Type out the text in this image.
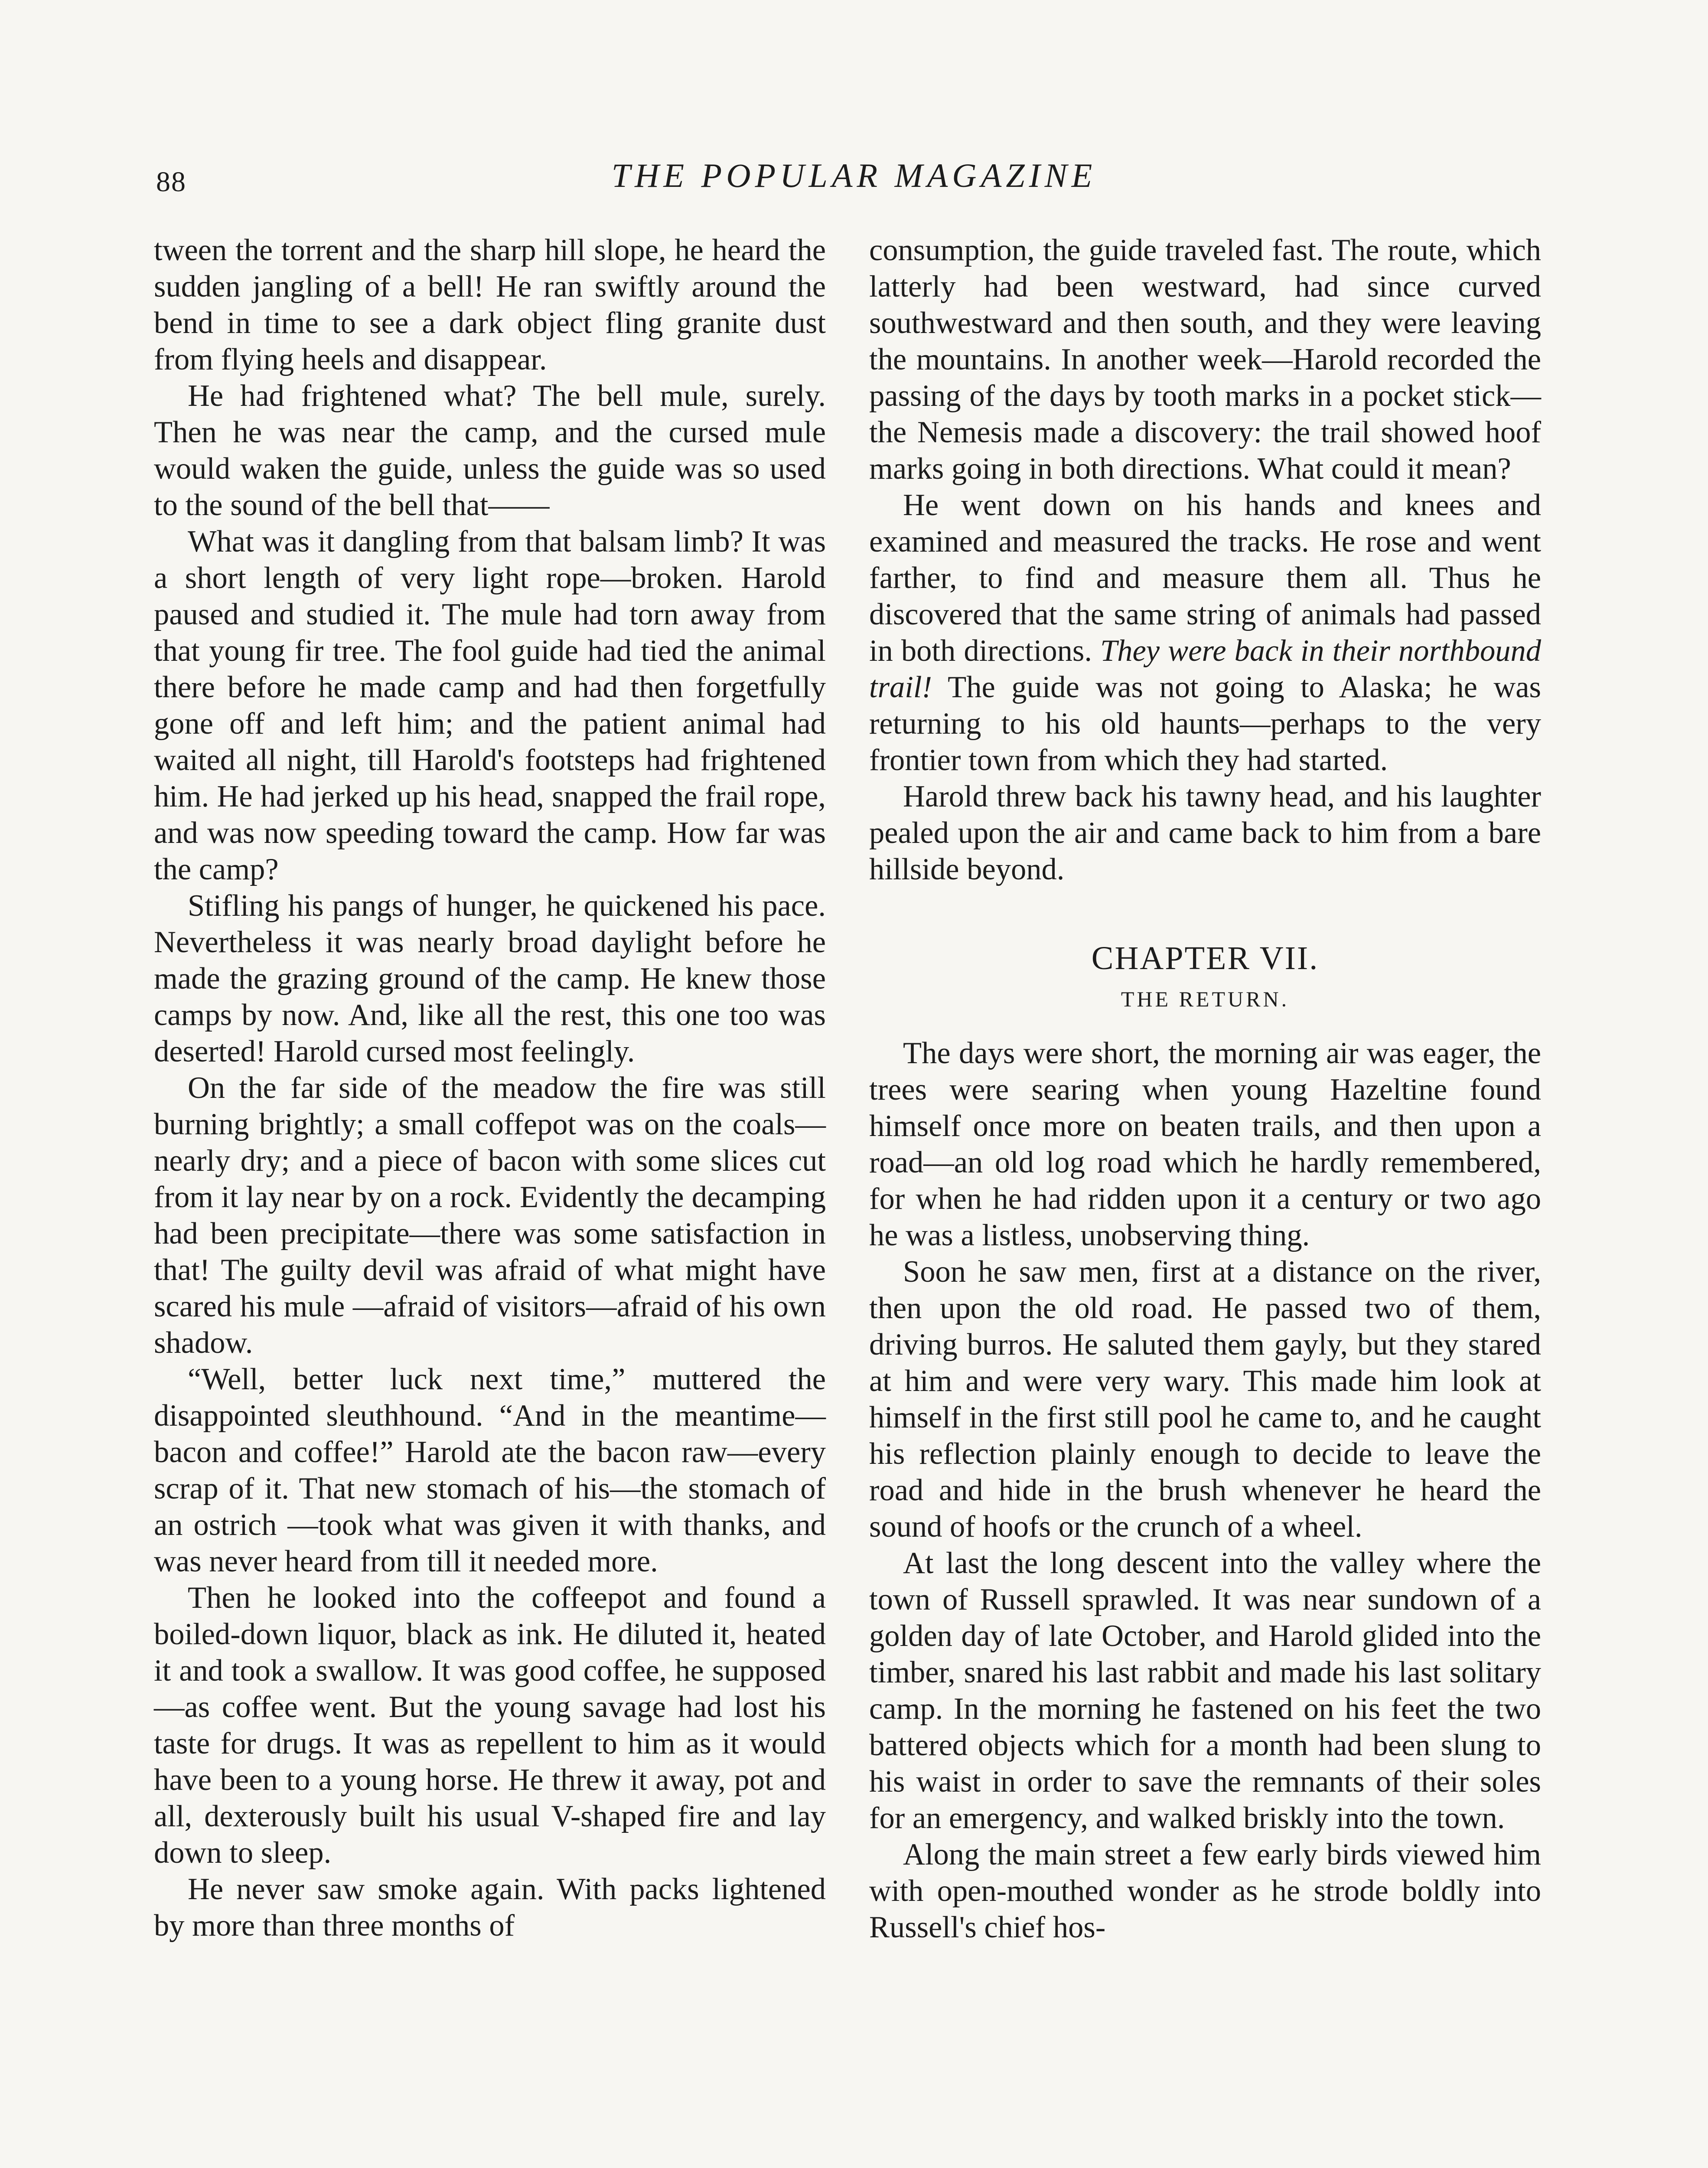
88	THE POPULAR MAGAZINE

tween the torrent and the sharp hill slope, he heard the sudden jangling of a bell! He ran swiftly around the bend in time to see a dark object fling granite dust from flying heels and disappear.

He had frightened what? The bell mule, surely. Then he was near the camp, and the cursed mule would waken the guide, unless the guide was so used to the sound of the bell that——

What was it dangling from that balsam limb? It was a short length of very light rope—broken. Harold paused and studied it. The mule had torn away from that young fir tree. The fool guide had tied the animal there before he made camp and had then forgetfully gone off and left him; and the patient animal had waited all night, till Harold's footsteps had frightened him. He had jerked up his head, snapped the frail rope, and was now speeding toward the camp. How far was the camp?

Stifling his pangs of hunger, he quickened his pace. Nevertheless it was nearly broad daylight before he made the grazing ground of the camp. He knew those camps by now. And, like all the rest, this one too was deserted! Harold cursed most feelingly.

On the far side of the meadow the fire was still burning brightly; a small coffepot was on the coals—nearly dry; and a piece of bacon with some slices cut from it lay near by on a rock. Evidently the decamping had been precipitate—there was some satisfaction in that! The guilty devil was afraid of what might have scared his mule —afraid of visitors—afraid of his own shadow.

“Well, better luck next time,” muttered the disappointed sleuthhound. “And in the meantime—bacon and coffee!” Harold ate the bacon raw—every scrap of it. That new stomach of his—the stomach of an ostrich —took what was given it with thanks, and was never heard from till it needed more.

Then he looked into the coffeepot and found a boiled-down liquor, black as ink. He diluted it, heated it and took a swallow. It was good coffee, he supposed—as coffee went. But the young savage had lost his taste for drugs. It was as repellent to him as it would have been to a young horse. He threw it away, pot and all, dexterously built his usual V-shaped fire and lay down to sleep.

He never saw smoke again. With packs lightened by more than three months of

consumption, the guide traveled fast. The route, which latterly had been westward, had since curved southwestward and then south, and they were leaving the mountains. In another week—Harold recorded the passing of the days by tooth marks in a pocket stick—the Nemesis made a discovery: the trail showed hoof marks going in both directions. What could it mean?

He went down on his hands and knees and examined and measured the tracks. He rose and went farther, to find and measure them all. Thus he discovered that the same string of animals had passed in both directions. They were back in their northbound trail! The guide was not going to Alaska; he was returning to his old haunts—perhaps to the very frontier town from which they had started.

Harold threw back his tawny head, and his laughter pealed upon the air and came back to him from a bare hillside beyond.

CHAPTER VII.
THE RETURN.

The days were short, the morning air was eager, the trees were searing when young Hazeltine found himself once more on beaten trails, and then upon a road—an old log road which he hardly remembered, for when he had ridden upon it a century or two ago he was a listless, unobserving thing.

Soon he saw men, first at a distance on the river, then upon the old road. He passed two of them, driving burros. He saluted them gayly, but they stared at him and were very wary. This made him look at himself in the first still pool he came to, and he caught his reflection plainly enough to decide to leave the road and hide in the brush whenever he heard the sound of hoofs or the crunch of a wheel.

At last the long descent into the valley where the town of Russell sprawled. It was near sundown of a golden day of late October, and Harold glided into the timber, snared his last rabbit and made his last solitary camp. In the morning he fastened on his feet the two battered objects which for a month had been slung to his waist in order to save the remnants of their soles for an emergency, and walked briskly into the town.

Along the main street a few early birds viewed him with open-mouthed wonder as he strode boldly into Russell's chief hos-
